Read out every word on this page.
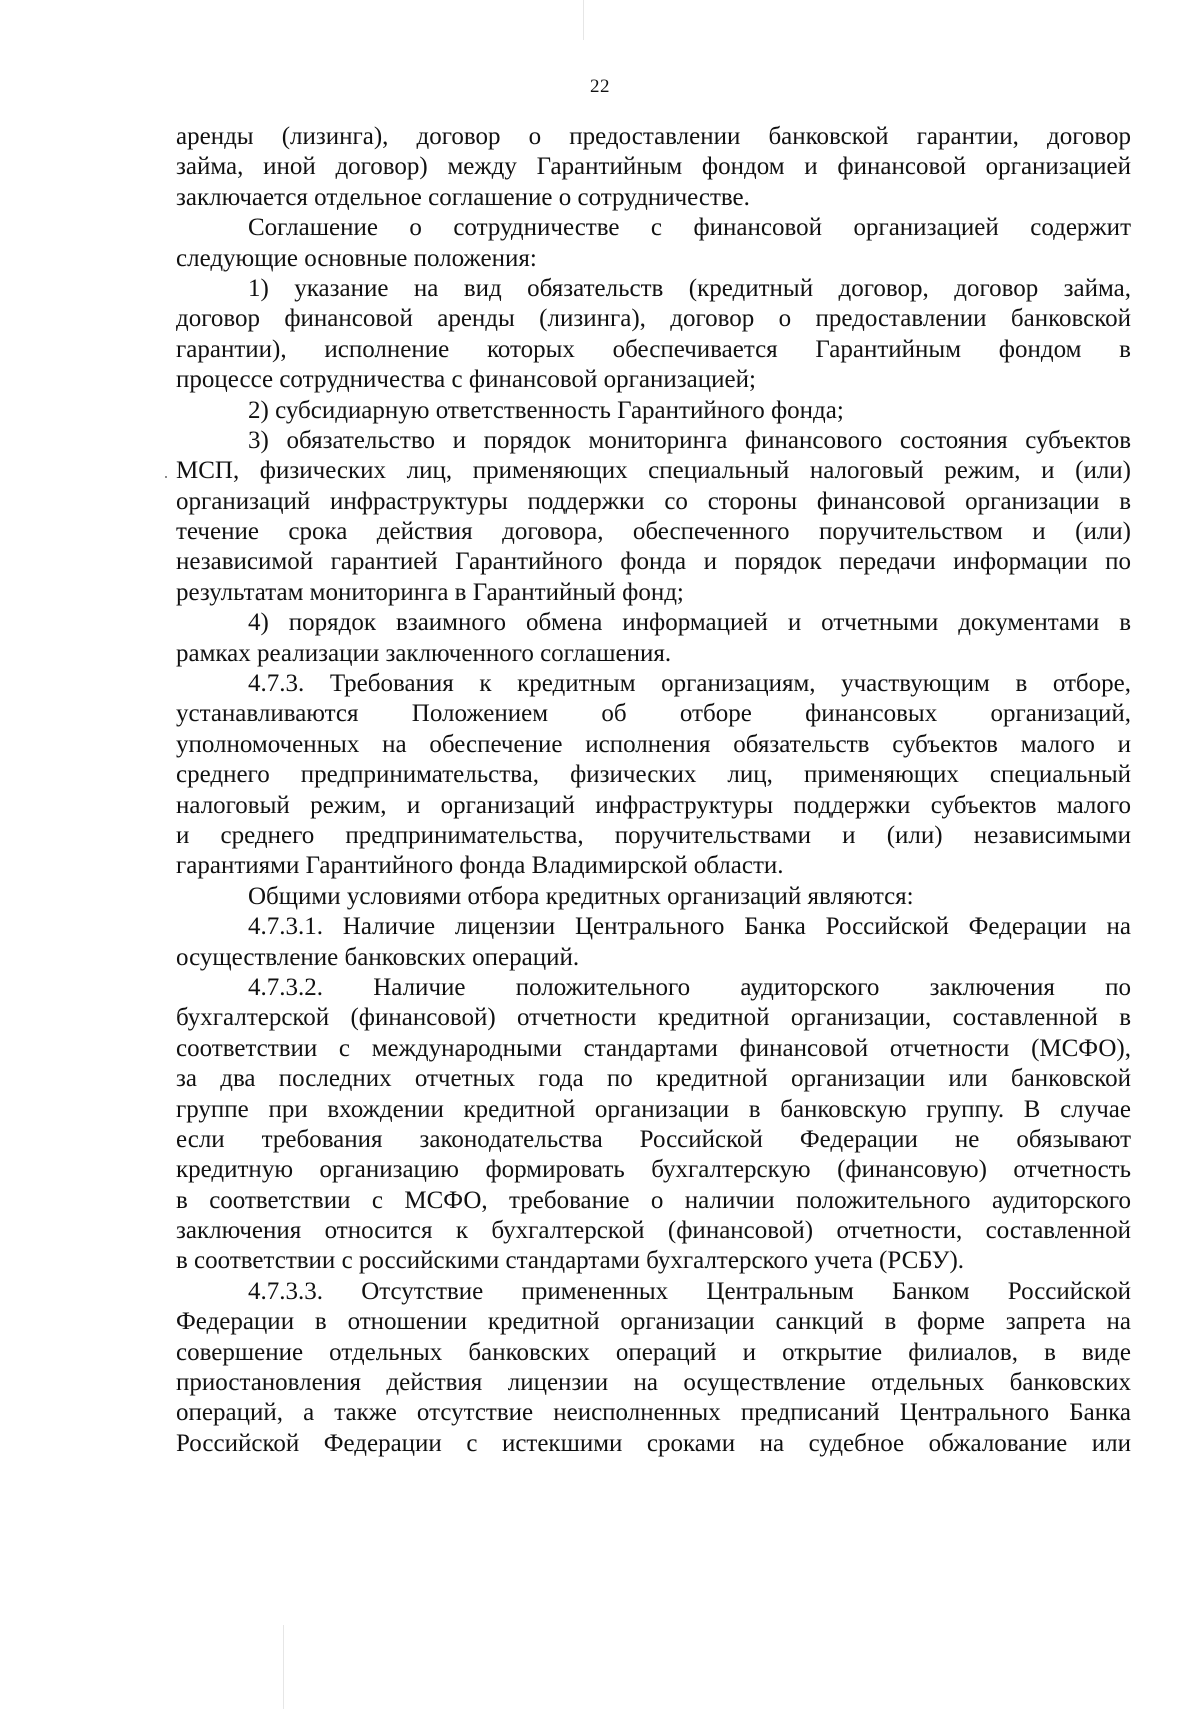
22
аренды (лизинга), договор о предоставлении банковской гарантии, договор
займа, иной договор) между Гарантийным фондом и финансовой организацией
заключается отдельное соглашение о сотрудничестве.
Соглашение о сотрудничестве с финансовой организацией содержит
следующие основные положения:
1) указание на вид обязательств (кредитный договор, договор займа,
договор финансовой аренды (лизинга), договор о предоставлении банковской
гарантии), исполнение которых обеспечивается Гарантийным фондом в
процессе сотрудничества с финансовой организацией;
2) субсидиарную ответственность Гарантийного фонда;
3) обязательство и порядок мониторинга финансового состояния субъектов
МСП, физических лиц, применяющих специальный налоговый режим, и (или)
организаций инфраструктуры поддержки со стороны финансовой организации в
течение срока действия договора, обеспеченного поручительством и (или)
независимой гарантией Гарантийного фонда и порядок передачи информации по
результатам мониторинга в Гарантийный фонд;
4) порядок взаимного обмена информацией и отчетными документами в
рамках реализации заключенного соглашения.
4.7.3. Требования к кредитным организациям, участвующим в отборе,
устанавливаются Положением об отборе финансовых организаций,
уполномоченных на обеспечение исполнения обязательств субъектов малого и
среднего предпринимательства, физических лиц, применяющих специальный
налоговый режим, и организаций инфраструктуры поддержки субъектов малого
и среднего предпринимательства, поручительствами и (или) независимыми
гарантиями Гарантийного фонда Владимирской области.
Общими условиями отбора кредитных организаций являются:
4.7.3.1. Наличие лицензии Центрального Банка Российской Федерации на
осуществление банковских операций.
4.7.3.2. Наличие положительного аудиторского заключения по
бухгалтерской (финансовой) отчетности кредитной организации, составленной в
соответствии с международными стандартами финансовой отчетности (МСФО),
за два последних отчетных года по кредитной организации или банковской
группе при вхождении кредитной организации в банковскую группу. В случае
если требования законодательства Российской Федерации не обязывают
кредитную организацию формировать бухгалтерскую (финансовую) отчетность
в соответствии с МСФО, требование о наличии положительного аудиторского
заключения относится к бухгалтерской (финансовой) отчетности, составленной
в соответствии с российскими стандартами бухгалтерского учета (РСБУ).
4.7.3.3. Отсутствие примененных Центральным Банком Российской
Федерации в отношении кредитной организации санкций в форме запрета на
совершение отдельных банковских операций и открытие филиалов, в виде
приостановления действия лицензии на осуществление отдельных банковских
операций, а также отсутствие неисполненных предписаний Центрального Банка
Российской Федерации с истекшими сроками на судебное обжалование или
